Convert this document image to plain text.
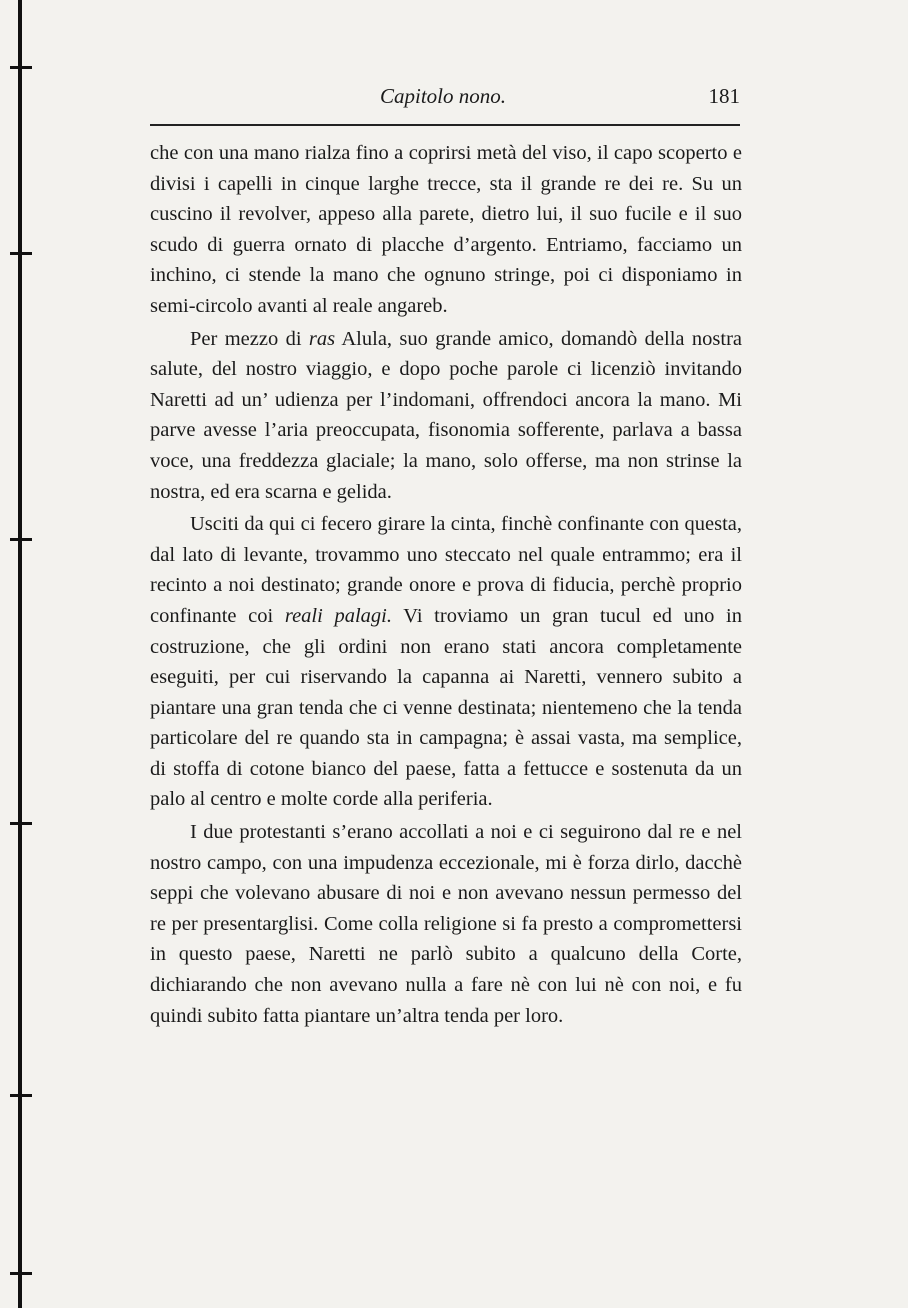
Capitolo nono.	181

che con una mano rialza fino a coprirsi metà del viso, il capo scoperto e divisi i capelli in cinque larghe trecce, sta il grande re dei re. Su un cuscino il revolver, appeso alla parete, dietro lui, il suo fucile e il suo scudo di guerra ornato di placche d’argento. Entriamo, facciamo un inchino, ci stende la mano che ognuno stringe, poi ci disponiamo in semi-circolo avanti al reale angareb.

Per mezzo di ras Alula, suo grande amico, domandò della nostra salute, del nostro viaggio, e dopo poche parole ci licenziò invitando Naretti ad un’ udienza per l’indomani, offrendoci ancora la mano. Mi parve avesse l’aria preoccupata, fisonomia sofferente, parlava a bassa voce, una freddezza glaciale; la mano, solo offerse, ma non strinse la nostra, ed era scarna e gelida.

Usciti da qui ci fecero girare la cinta, finchè confinante con questa, dal lato di levante, trovammo uno steccato nel quale entrammo; era il recinto a noi destinato; grande onore e prova di fiducia, perchè proprio confinante coi reali palagi. Vi troviamo un gran tucul ed uno in costruzione, che gli ordini non erano stati ancora completamente eseguiti, per cui riservando la capanna ai Naretti, vennero subito a piantare una gran tenda che ci venne destinata; nientemeno che la tenda particolare del re quando sta in campagna; è assai vasta, ma semplice, di stoffa di cotone bianco del paese, fatta a fettucce e sostenuta da un palo al centro e molte corde alla periferia.

I due protestanti s’erano accollati a noi e ci seguirono dal re e nel nostro campo, con una impudenza eccezionale, mi è forza dirlo, dacchè seppi che volevano abusare di noi e non avevano nessun permesso del re per presentarglisi. Come colla religione si fa presto a compromettersi in questo paese, Naretti ne parlò subito a qualcuno della Corte, dichiarando che non avevano nulla a fare nè con lui nè con noi, e fu quindi subito fatta piantare un’altra tenda per loro.
